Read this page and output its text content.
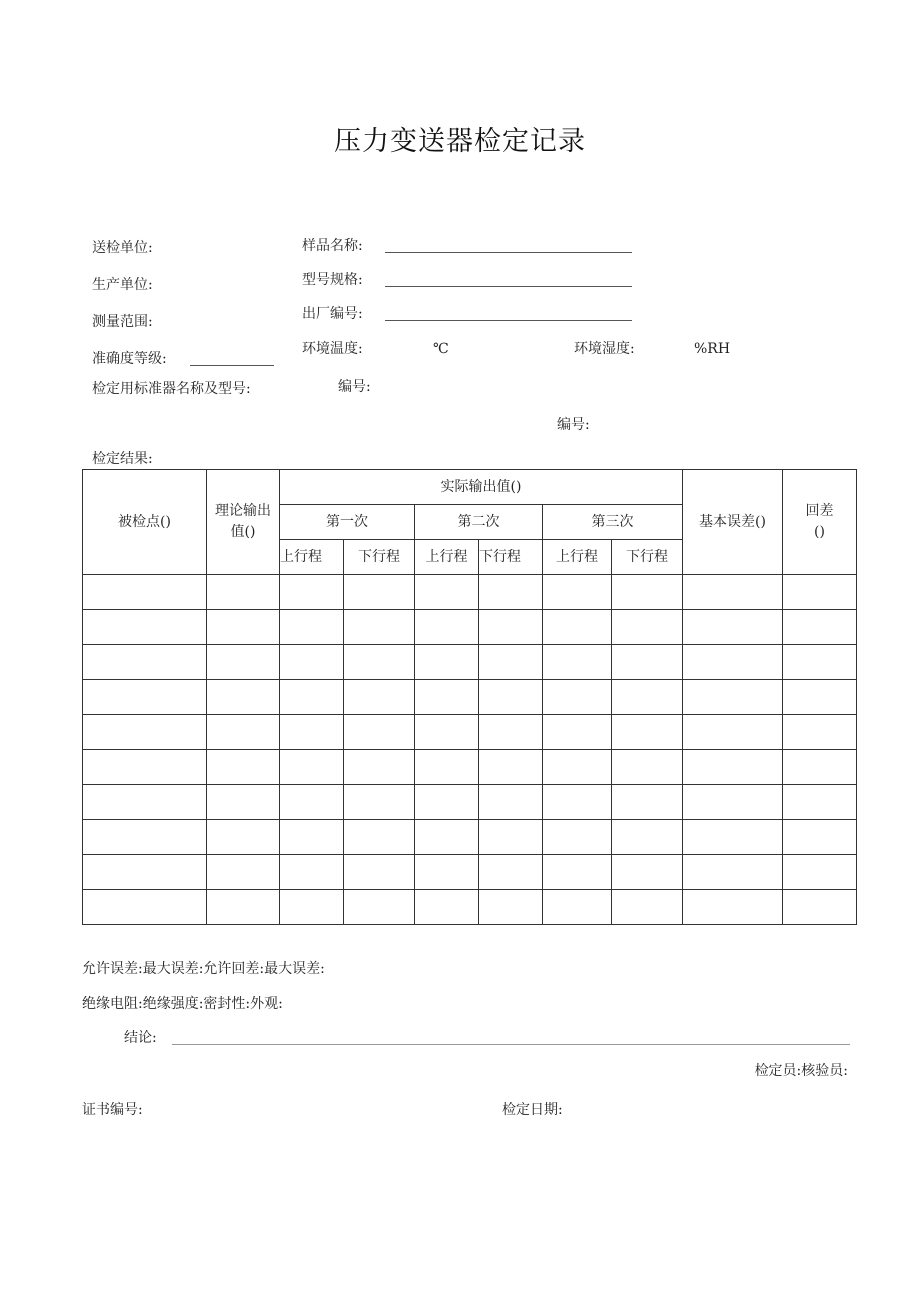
压力变送器检定记录
送检单位:	样品名称:
生产单位:	型号规格:
测量范围:	出厂编号:
准确度等级:
环境温度:	℃	环境湿度:	%RH
检定用标准器名称及型号:	编号:
编号:
检定结果:
被检点()	理论输出值()	实际输出值()						基本误差()	回差()
		第一次		第二次		第三次			
		上行程	下行程	上行程	下行程	上行程	下行程		

允许误差:最大误差:允许回差:最大误差:
绝缘电阻:绝缘强度:密封性:外观:
结论:
检定员:核验员:
证书编号:	检定日期:
